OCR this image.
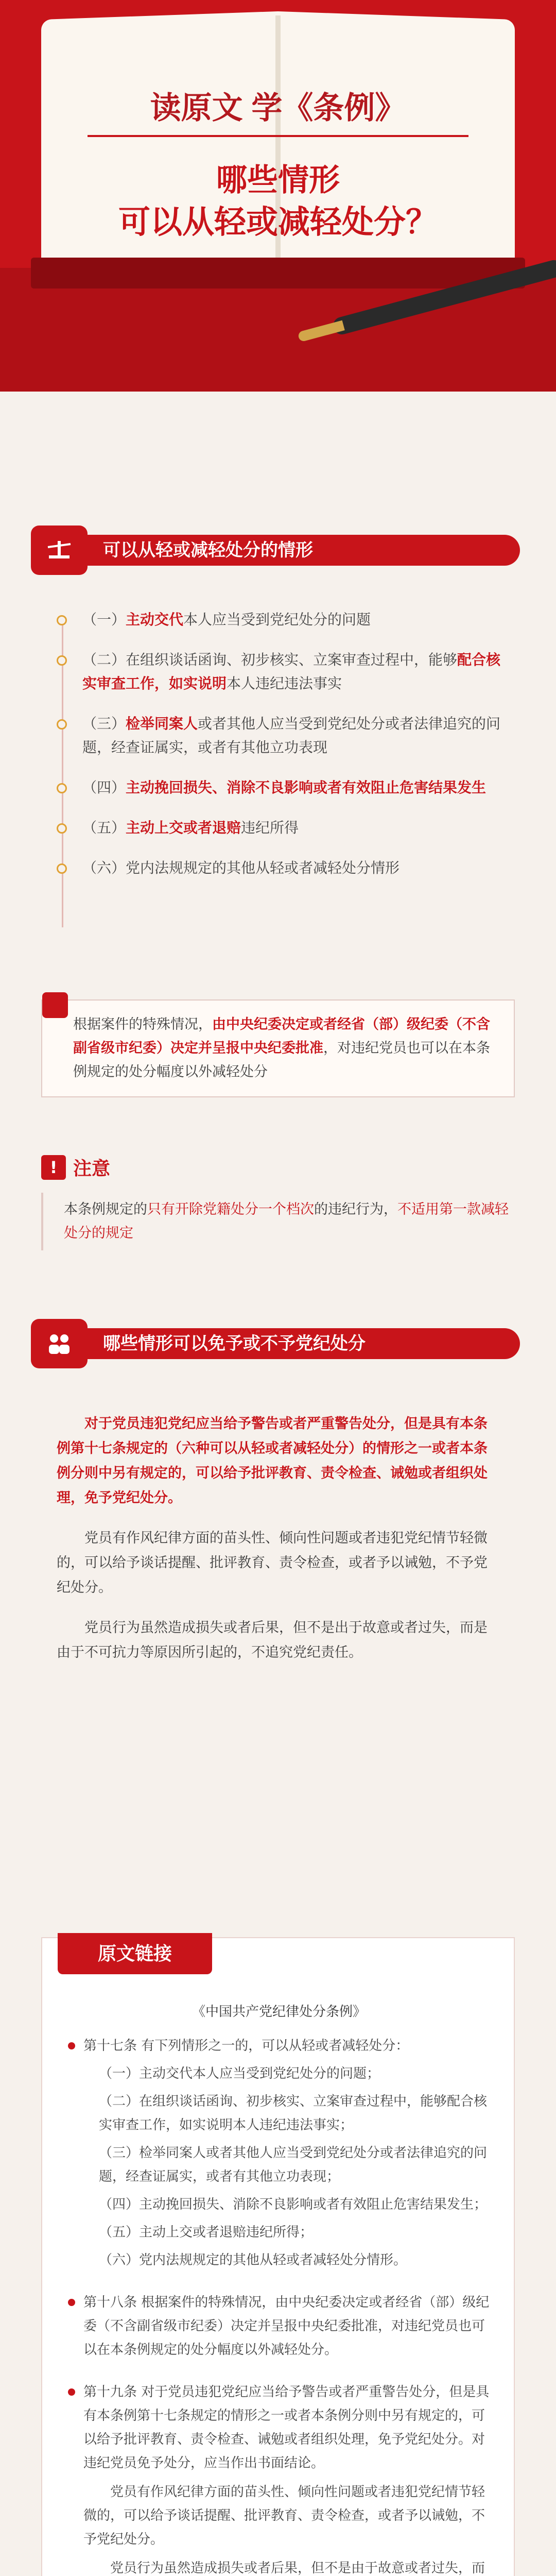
读原文 学《条例》
哪些情形
可以从轻或减轻处分？
可以从轻或减轻处分的情形
（一）主动交代本人应当受到党纪处分的问题
（二）在组织谈话函询、初步核实、立案审查过程中，能够配合核实审查工作，如实说明本人违纪违法事实
（三）检举同案人或者其他人应当受到党纪处分或者法律追究的问题，经查证属实，或者有其他立功表现
（四）主动挽回损失、消除不良影响或者有效阻止危害结果发生
（五）主动上交或者退赔违纪所得
（六）党内法规规定的其他从轻或者减轻处分情形
根据案件的特殊情况，由中央纪委决定或者经省（部）级纪委（不含副省级市纪委）决定并呈报中央纪委批准，对违纪党员也可以在本条例规定的处分幅度以外减轻处分
! 注意
本条例规定的只有开除党籍处分一个档次的违纪行为，不适用第一款减轻处分的规定
哪些情形可以免予或不予党纪处分

对于党员违犯党纪应当给予警告或者严重警告处分，但是具有本条例第十七条规定的（六种可以从轻或者减轻处分）的情形之一或者本条例分则中另有规定的，可以给予批评教育、责令检查、诫勉或者组织处理，免予党纪处分。

党员有作风纪律方面的苗头性、倾向性问题或者违犯党纪情节轻微的，可以给予谈话提醒、批评教育、责令检查，或者予以诫勉，不予党纪处分。

党员行为虽然造成损失或者后果，但不是出于故意或者过失，而是由于不可抗力等原因所引起的，不追究党纪责任。

原文链接
《中国共产党纪律处分条例》
第十七条 有下列情形之一的，可以从轻或者减轻处分：
（一）主动交代本人应当受到党纪处分的问题；
（二）在组织谈话函询、初步核实、立案审查过程中，能够配合核实审查工作，如实说明本人违纪违法事实；
（三）检举同案人或者其他人应当受到党纪处分或者法律追究的问题，经查证属实，或者有其他立功表现；
（四）主动挽回损失、消除不良影响或者有效阻止危害结果发生；
（五）主动上交或者退赔违纪所得；
（六）党内法规规定的其他从轻或者减轻处分情形。
第十八条 根据案件的特殊情况，由中央纪委决定或者经省（部）级纪委（不含副省级市纪委）决定并呈报中央纪委批准，对违纪党员也可以在本条例规定的处分幅度以外减轻处分。
第十九条 对于党员违犯党纪应当给予警告或者严重警告处分，但是具有本条例第十七条规定的情形之一或者本条例分则中另有规定的，可以给予批评教育、责令检查、诫勉或者组织处理，免予党纪处分。对违纪党员免予处分，应当作出书面结论。
党员有作风纪律方面的苗头性、倾向性问题或者违犯党纪情节轻微的，可以给予谈话提醒、批评教育、责令检查，或者予以诫勉，不予党纪处分。
党员行为虽然造成损失或者后果，但不是由于故意或者过失，而
